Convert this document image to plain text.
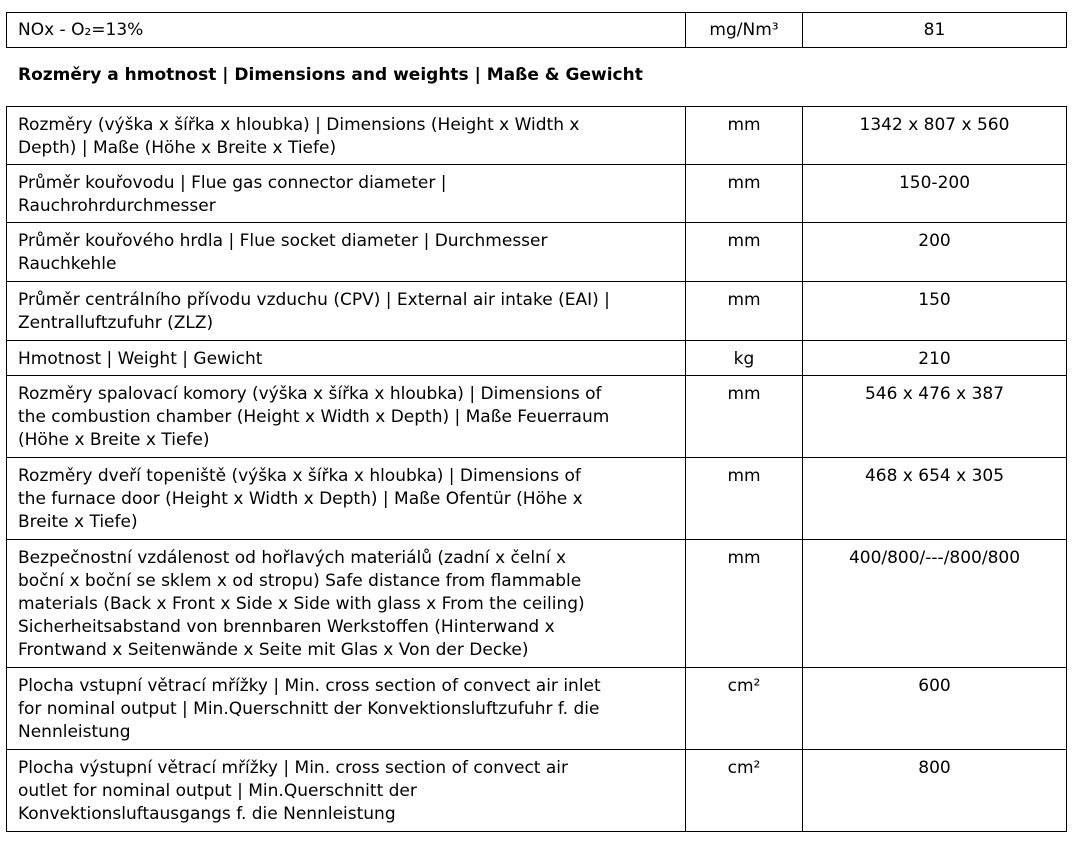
NOx - O₂=13%	mg/Nm³	81
Rozměry a hmotnost | Dimensions and weights | Maße & Gewicht
Rozměry (výška x šířka x hloubka) | Dimensions (Height x Width x
Depth) | Maße (Höhe x Breite x Tiefe)	mm	1342 x 807 x 560
Průměr kouřovodu | Flue gas connector diameter |
Rauchrohrdurchmesser	mm	150-200
Průměr kouřového hrdla | Flue socket diameter | Durchmesser
Rauchkehle	mm	200
Průměr centrálního přívodu vzduchu (CPV) | External air intake (EAI) |
Zentralluftzufuhr (ZLZ)	mm	150
Hmotnost | Weight | Gewicht	kg	210
Rozměry spalovací komory (výška x šířka x hloubka) | Dimensions of
the combustion chamber (Height x Width x Depth) | Maße Feuerraum
(Höhe x Breite x Tiefe)	mm	546 x 476 x 387
Rozměry dveří topeniště (výška x šířka x hloubka) | Dimensions of
the furnace door (Height x Width x Depth) | Maße Ofentür (Höhe x
Breite x Tiefe)	mm	468 x 654 x 305
Bezpečnostní vzdálenost od hořlavých materiálů (zadní x čelní x
boční x boční se sklem x od stropu) Safe distance from flammable
materials (Back x Front x Side x Side with glass x From the ceiling)
Sicherheitsabstand von brennbaren Werkstoffen (Hinterwand x
Frontwand x Seitenwände x Seite mit Glas x Von der Decke)	mm	400/800/---/800/800
Plocha vstupní větrací mřížky | Min. cross section of convect air inlet
for nominal output | Min.Querschnitt der Konvektionsluftzufuhr f. die
Nennleistung	cm²	600
Plocha výstupní větrací mřížky | Min. cross section of convect air
outlet for nominal output | Min.Querschnitt der
Konvektionsluftausgangs f. die Nennleistung	cm²	800
